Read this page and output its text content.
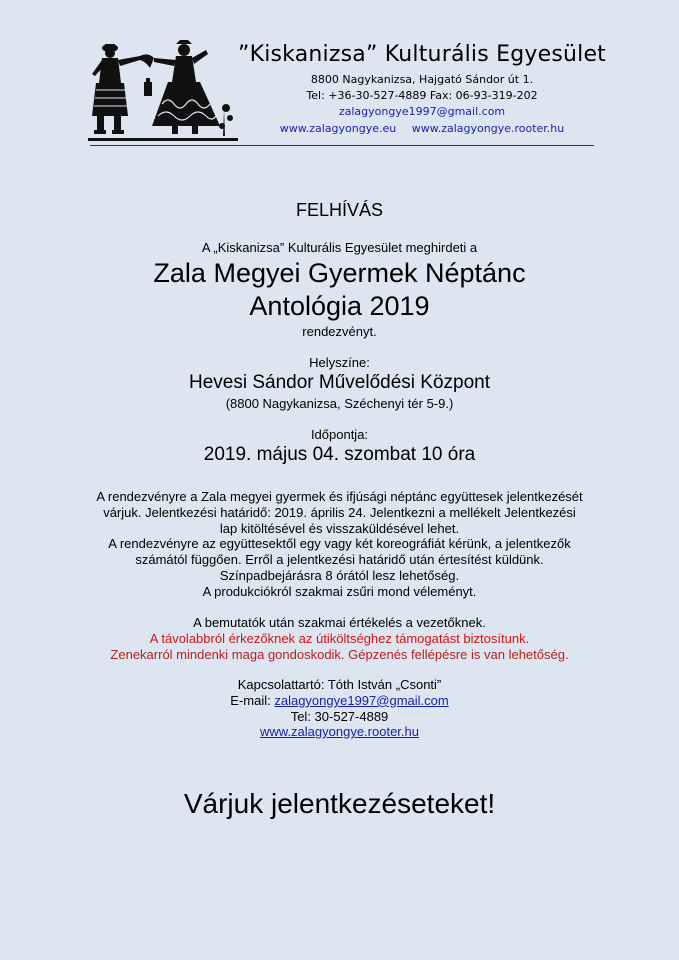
”Kiskanizsa” Kulturális Egyesület
8800 Nagykanizsa, Hajgató Sándor út 1.
Tel: +36-30-527-4889 Fax: 06-93-319-202
zalagyongye1997@gmail.com
www.zalagyongye.eu www.zalagyongye.rooter.hu
FELHÍVÁS
A „Kiskanizsa” Kulturális Egyesület meghirdeti a
Zala Megyei Gyermek Néptánc
Antológia 2019
rendezvényt.
Helyszíne:
Hevesi Sándor Művelődési Központ
(8800 Nagykanizsa, Széchenyi tér 5-9.)
Időpontja:
2019. május 04. szombat 10 óra
A rendezvényre a Zala megyei gyermek és ifjúsági néptánc együttesek jelentkezését
várjuk. Jelentkezési határidő: 2019. április 24. Jelentkezni a mellékelt Jelentkezési
lap kitöltésével és visszaküldésével lehet.
A rendezvényre az együttesektől egy vagy két koreográfiát kérünk, a jelentkezők
számától függően. Erről a jelentkezési határidő után értesítést küldünk.
Színpadbejárásra 8 órától lesz lehetőség.
A produkciókról szakmai zsűri mond véleményt.
A bemutatók után szakmai értékelés a vezetőknek.
A távolabbról érkezőknek az útiköltséghez támogatást biztosítunk.
Zenekarról mindenki maga gondoskodik. Gépzenés fellépésre is van lehetőség.
Kapcsolattartó: Tóth István „Csonti”
E-mail: zalagyongye1997@gmail.com
Tel: 30-527-4889
www.zalagyongye.rooter.hu
Várjuk jelentkezéseteket!
